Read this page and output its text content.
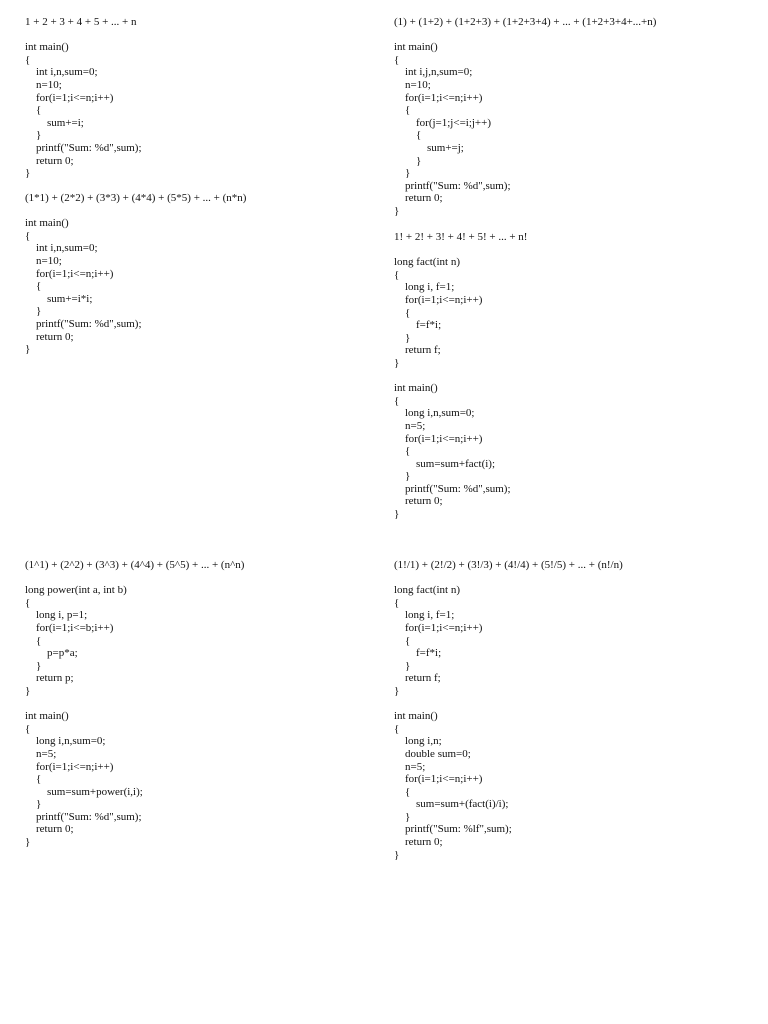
1 + 2 + 3 + 4 + 5 + ... + n
int main()
{
int i,n,sum=0;
n=10;
for(i=1;i<=n;i++)
{
sum+=i;
}
printf("Sum: %d",sum);
return 0;
}
(1*1) + (2*2) + (3*3) + (4*4) + (5*5) + ... + (n*n)
int main()
{
int i,n,sum=0;
n=10;
for(i=1;i<=n;i++)
{
sum+=i*i;
}
printf("Sum: %d",sum);
return 0;
}
(1) + (1+2) + (1+2+3) + (1+2+3+4) + ... + (1+2+3+4+...+n)
int main()
{
int i,j,n,sum=0;
n=10;
for(i=1;i<=n;i++)
{
for(j=1;j<=i;j++)
{
sum+=j;
}
}
printf("Sum: %d",sum);
return 0;
}
1! + 2! + 3! + 4! + 5! + ... + n!
long fact(int n)
{
long i, f=1;
for(i=1;i<=n;i++)
{
f=f*i;
}
return f;
}
int main()
{
long i,n,sum=0;
n=5;
for(i=1;i<=n;i++)
{
sum=sum+fact(i);
}
printf("Sum: %d",sum);
return 0;
}
(1^1) + (2^2) + (3^3) + (4^4) + (5^5) + ... + (n^n)
long power(int a, int b)
{
long i, p=1;
for(i=1;i<=b;i++)
{
p=p*a;
}
return p;
}
int main()
{
long i,n,sum=0;
n=5;
for(i=1;i<=n;i++)
{
sum=sum+power(i,i);
}
printf("Sum: %d",sum);
return 0;
}
(1!/1) + (2!/2) + (3!/3) + (4!/4) + (5!/5) + ... + (n!/n)
long fact(int n)
{
long i, f=1;
for(i=1;i<=n;i++)
{
f=f*i;
}
return f;
}
int main()
{
long i,n;
double sum=0;
n=5;
for(i=1;i<=n;i++)
{
sum=sum+(fact(i)/i);
}
printf("Sum: %lf",sum);
return 0;
}
